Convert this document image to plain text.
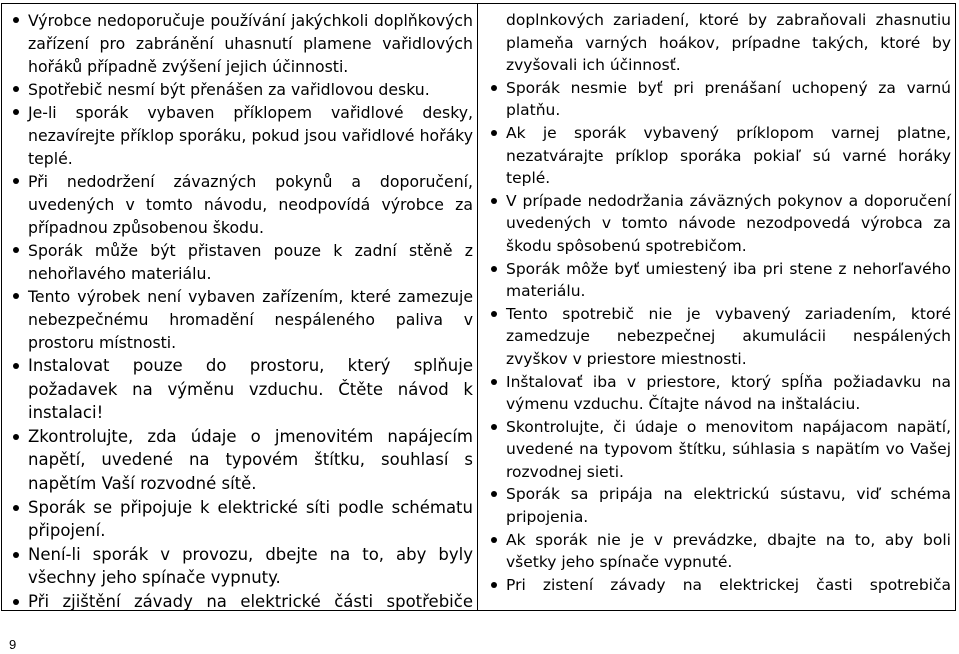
Výrobce nedoporučuje používání jakýchkoli doplňkových zařízení pro zabránění uhasnutí plamene vařidlových hořáků případně zvýšení jejich účinnosti.
Spotřebič nesmí být přenášen za vařidlovou desku.
Je-li sporák vybaven příklopem vařidlové desky, nezavírejte příklop sporáku, pokud jsou vařidlové hořáky teplé.
Při nedodržení závazných pokynů a doporučení, uvedených v tomto návodu, neodpovídá výrobce za případnou způsobenou škodu.
Sporák může být přistaven pouze k zadní stěně z nehořlavého materiálu.
Tento výrobek není vybaven zařízením, které zamezuje nebezpečnému hromadění nespáleného paliva v prostoru místnosti.
Instalovat pouze do prostoru, který splňuje požadavek na výměnu vzduchu. Čtěte návod k instalaci!
Zkontrolujte, zda údaje o jmenovitém napájecím napětí, uvedené na typovém štítku, souhlasí s napětím Vaší rozvodné sítě.
Sporák se připojuje k elektrické síti podle schématu připojení.
Není-li sporák v provozu, dbejte na to, aby byly všechny jeho spínače vypnuty.
Při zjištění závady na elektrické části spotřebiče
doplnkových zariadení, ktoré by zabraňovali zhasnutiu plameňa varných hoákov, prípadne takých, ktoré by zvyšovali ich účinnosť.
Sporák nesmie byť pri prenášaní uchopený za varnú platňu.
Ak je sporák vybavený príklopom varnej platne, nezatvárajte príklop sporáka pokiaľ sú varné horáky teplé.
V prípade nedodržania záväzných pokynov a doporučení uvedených v tomto návode nezodpovedá výrobca za škodu spôsobenú spotrebičom.
Sporák môže byť umiestený iba pri stene z nehorľavého materiálu.
Tento spotrebič nie je vybavený zariadením, ktoré zamedzuje nebezpečnej akumulácii nespálených zvyškov v priestore miestnosti.
Inštalovať iba v priestore, ktorý spĺňa požiadavku na výmenu vzduchu. Čítajte návod na inštaláciu.
Skontrolujte, či údaje o menovitom napájacom napätí, uvedené na typovom štítku, súhlasia s napätím vo Vašej rozvodnej sieti.
Sporák sa pripája na elektrickú sústavu, viď schéma pripojenia.
Ak sporák nie je v prevádzke, dbajte na to, aby boli všetky jeho spínače vypnuté.
Pri zistení závady na elektrickej časti spotrebiča
9
